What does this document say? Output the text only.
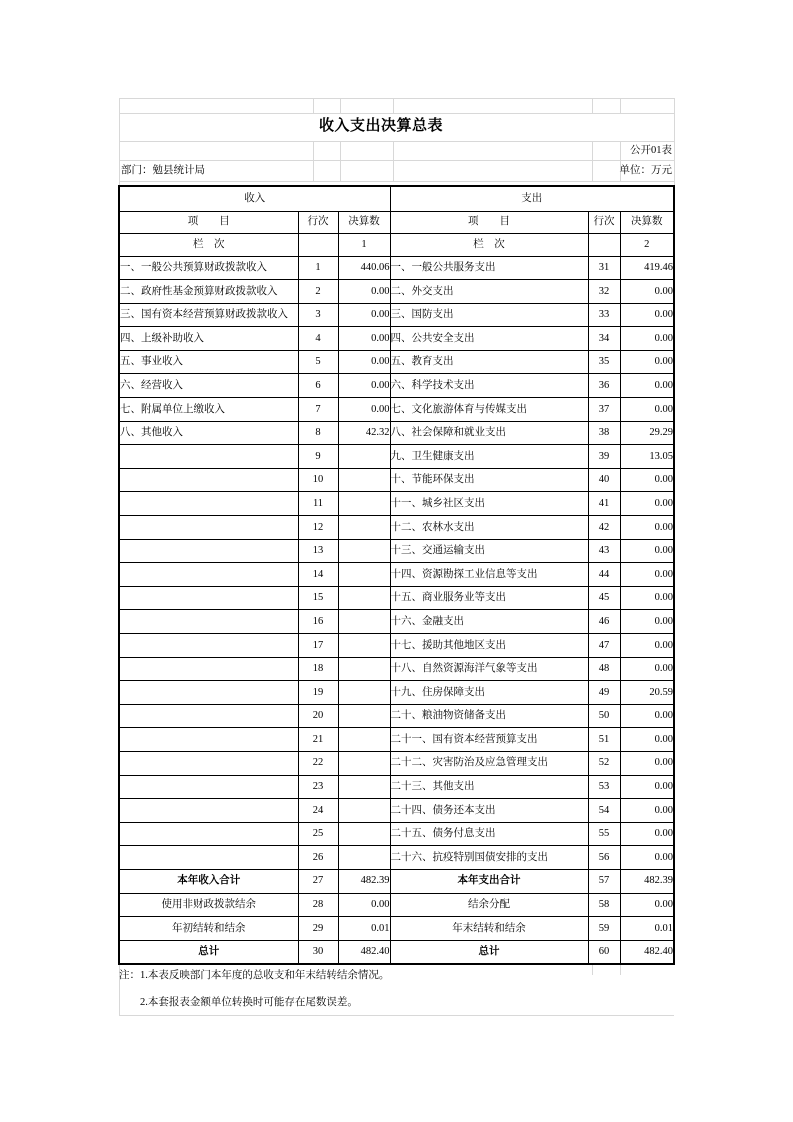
收入支出决算总表
公开01表
部门：勉县统计局	单位：万元
收入			支出		
项　　目	行次	决算数	项　　目	行次	决算数
栏　次		1	栏　次		2
一、一般公共预算财政拨款收入	1	440.06	一、一般公共服务支出	31	419.46
二、政府性基金预算财政拨款收入	2	0.00	二、外交支出	32	0.00
三、国有资本经营预算财政拨款收入	3	0.00	三、国防支出	33	0.00
四、上级补助收入	4	0.00	四、公共安全支出	34	0.00
五、事业收入	5	0.00	五、教育支出	35	0.00
六、经营收入	6	0.00	六、科学技术支出	36	0.00
七、附属单位上缴收入	7	0.00	七、文化旅游体育与传媒支出	37	0.00
八、其他收入	8	42.32	八、社会保障和就业支出	38	29.29
	9		九、卫生健康支出	39	13.05
	10		十、节能环保支出	40	0.00
	11		十一、城乡社区支出	41	0.00
	12		十二、农林水支出	42	0.00
	13		十三、交通运输支出	43	0.00
	14		十四、资源勘探工业信息等支出	44	0.00
	15		十五、商业服务业等支出	45	0.00
	16		十六、金融支出	46	0.00
	17		十七、援助其他地区支出	47	0.00
	18		十八、自然资源海洋气象等支出	48	0.00
	19		十九、住房保障支出	49	20.59
	20		二十、粮油物资储备支出	50	0.00
	21		二十一、国有资本经营预算支出	51	0.00
	22		二十二、灾害防治及应急管理支出	52	0.00
	23		二十三、其他支出	53	0.00
	24		二十四、债务还本支出	54	0.00
	25		二十五、债务付息支出	55	0.00
	26		二十六、抗疫特别国债安排的支出	56	0.00
本年收入合计	27	482.39	本年支出合计	57	482.39
使用非财政拨款结余	28	0.00	结余分配	58	0.00
年初结转和结余	29	0.01	年末结转和结余	59	0.01
总计	30	482.40	总计	60	482.40
注：1.本表反映部门本年度的总收支和年末结转结余情况。
2.本套报表金额单位转换时可能存在尾数误差。
